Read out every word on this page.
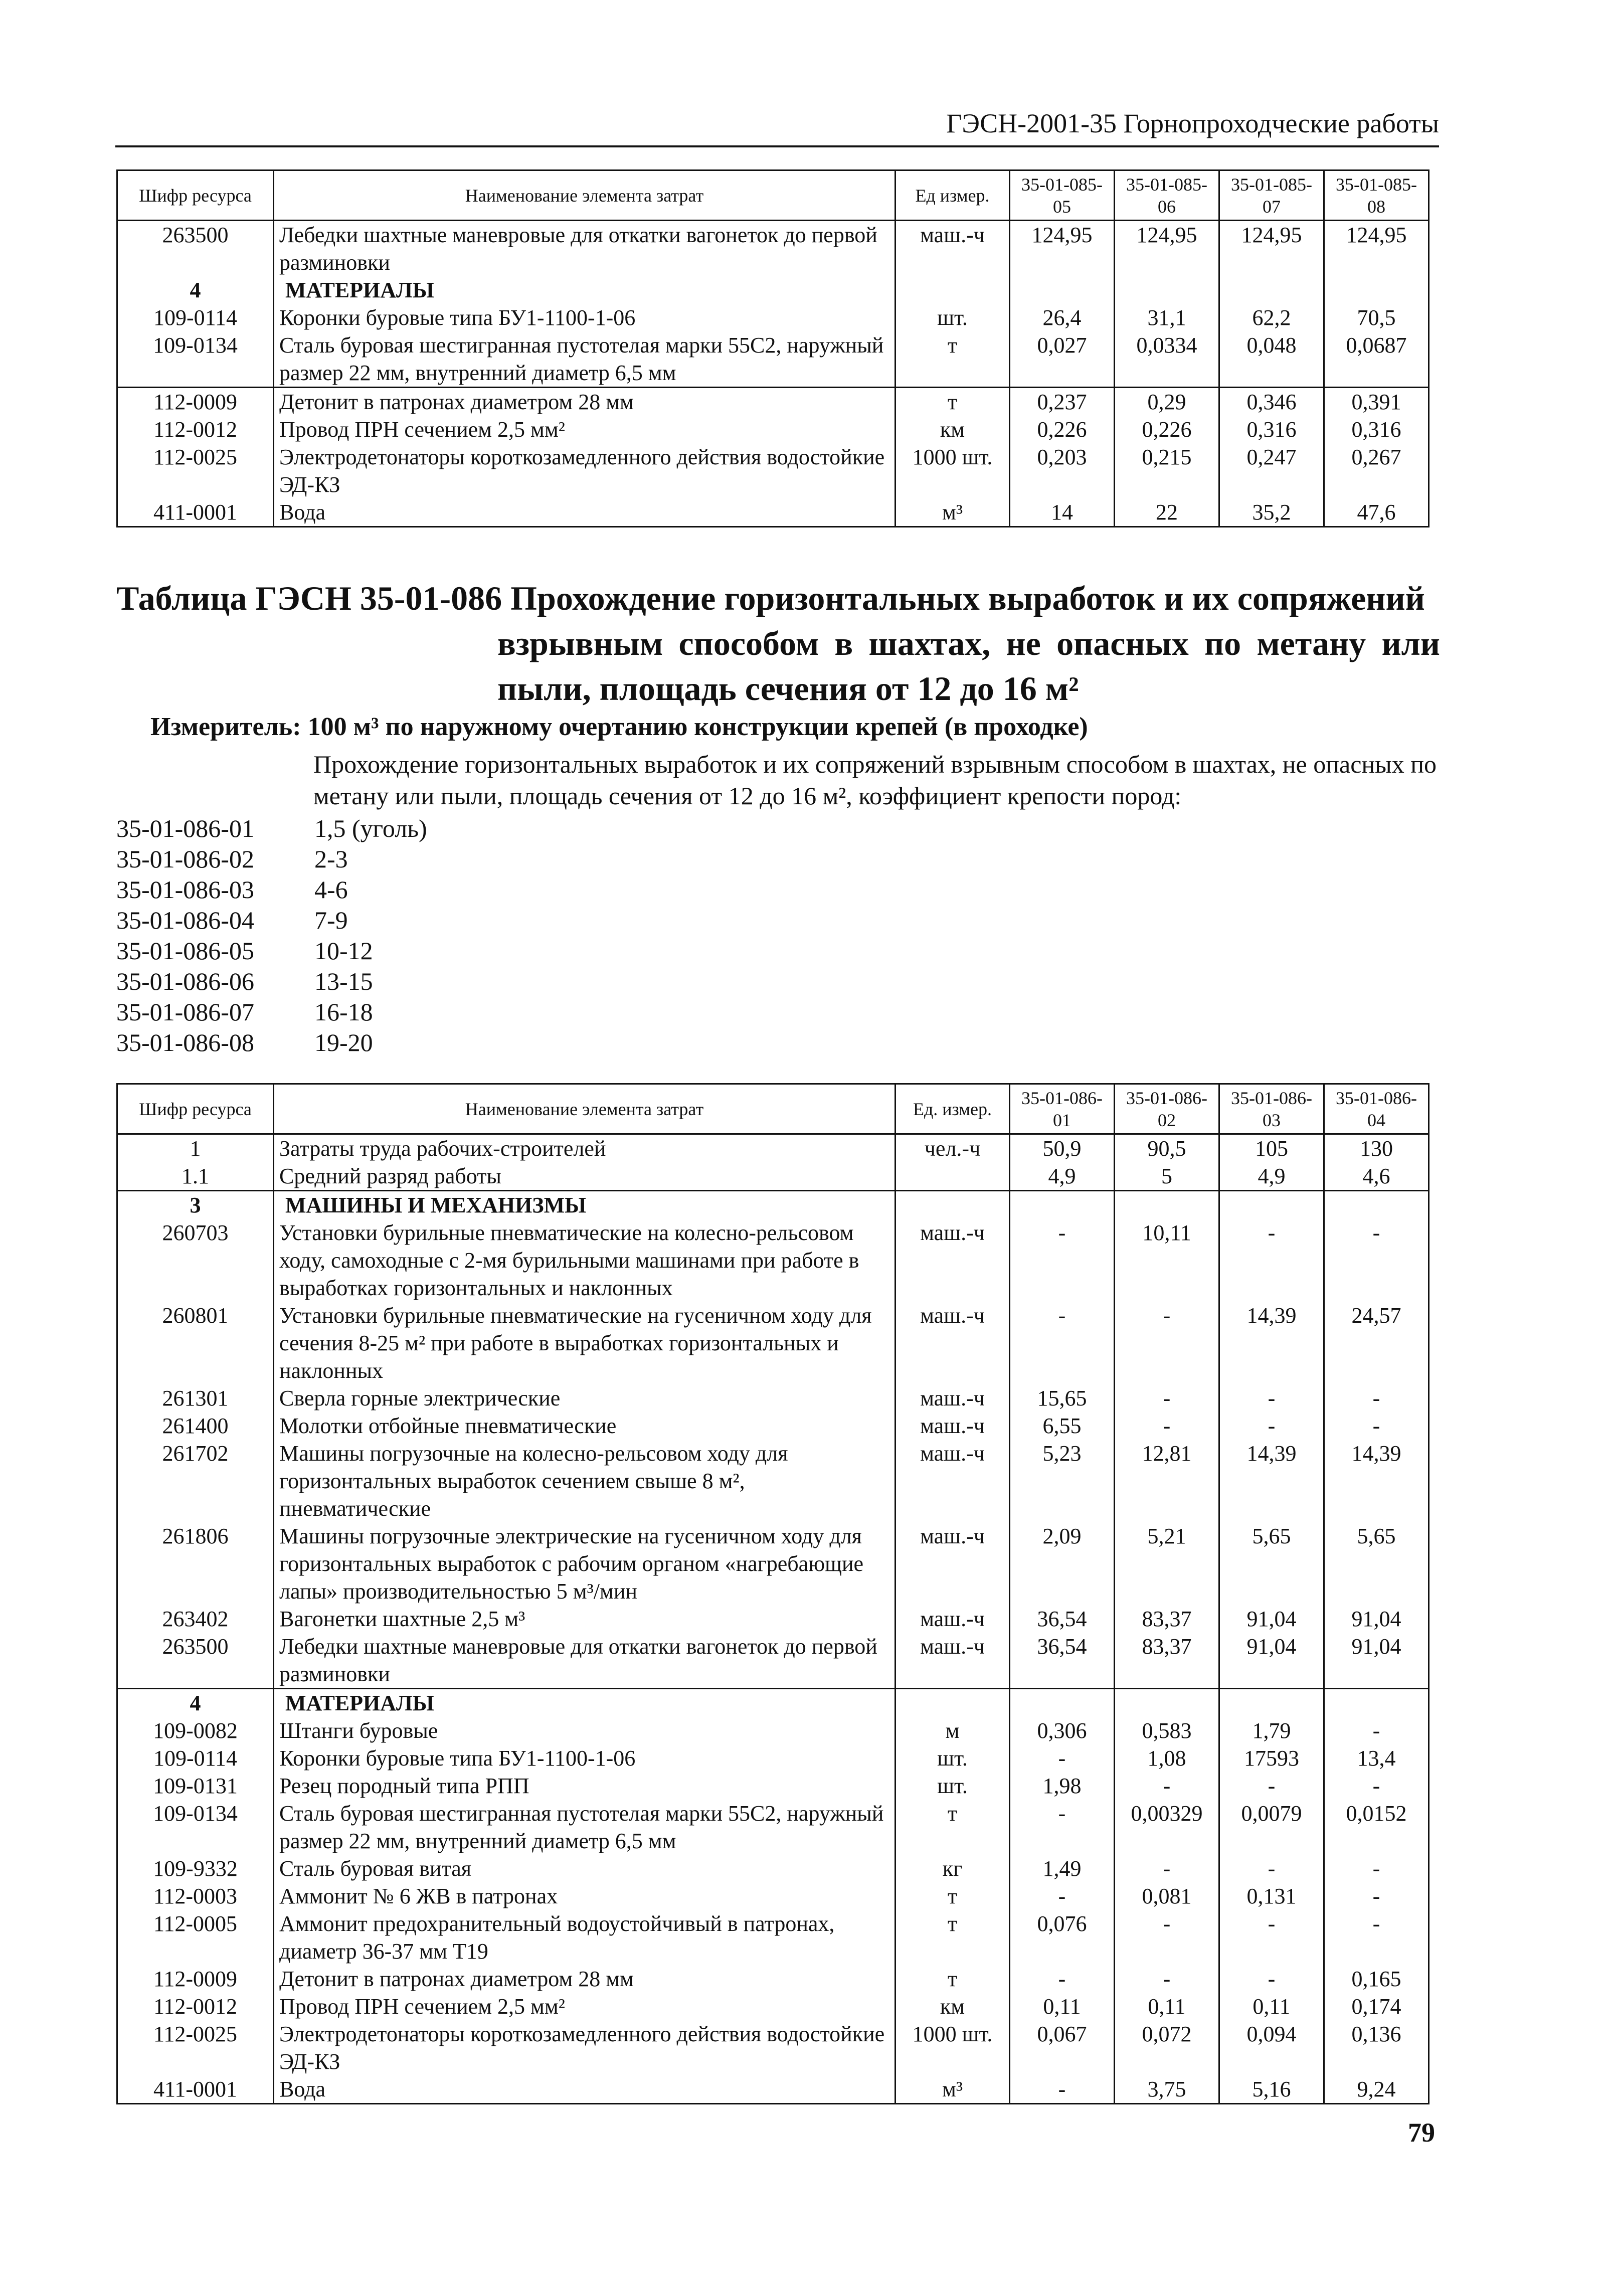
ГЭСН-2001-35 Горнопроходческие работы
Шифр ресурса	Наименование элемента затрат	Ед измер.	35-01-085-05	35-01-085-06	35-01-085-07	35-01-085-08
263500	Лебедки шахтные маневровые для откатки вагонеток до первой разминовки	маш.-ч	124,95	124,95	124,95	124,95
4	МАТЕРИАЛЫ					
109-0114	Коронки буровые типа БУ1-1100-1-06	шт.	26,4	31,1	62,2	70,5
109-0134	Сталь буровая шестигранная пустотелая марки 55С2, наружный размер 22 мм, внутренний диаметр 6,5 мм	т	0,027	0,0334	0,048	0,0687
112-0009	Детонит в патронах диаметром 28 мм	т	0,237	0,29	0,346	0,391
112-0012	Провод ПРН сечением 2,5 мм²	км	0,226	0,226	0,316	0,316
112-0025	Электродетонаторы короткозамедленного действия водостойкие ЭД-КЗ	1000 шт.	0,203	0,215	0,247	0,267
411-0001	Вода	м³	14	22	35,2	47,6
Таблица ГЭСН 35-01-086 Прохождение горизонтальных выработок и их сопряжений
взрывным способом в шахтах, не опасных по метану или пыли, площадь сечения от 12 до 16 м²
Измеритель: 100 м³ по наружному очертанию конструкции крепей (в проходке)
Прохождение горизонтальных выработок и их сопряжений взрывным способом в шахтах, не опасных по метану или пыли, площадь сечения от 12 до 16 м², коэффициент крепости пород:
35-01-086-01 1,5 (уголь)
35-01-086-02 2-3
35-01-086-03 4-6
35-01-086-04 7-9
35-01-086-05 10-12
35-01-086-06 13-15
35-01-086-07 16-18
35-01-086-08 19-20
Шифр ресурса	Наименование элемента затрат	Ед. измер.	35-01-086-01	35-01-086-02	35-01-086-03	35-01-086-04
1	Затраты труда рабочих-строителей	чел.-ч	50,9	90,5	105	130
1.1	Средний разряд работы		4,9	5	4,9	4,6
3	МАШИНЫ И МЕХАНИЗМЫ					
260703	Установки бурильные пневматические на колесно-рельсовом ходу, самоходные с 2-мя бурильными машинами при работе в выработках горизонтальных и наклонных	маш.-ч	-	10,11	-	-
260801	Установки бурильные пневматические на гусеничном ходу для сечения 8-25 м² при работе в выработках горизонтальных и наклонных	маш.-ч	-	-	14,39	24,57
261301	Сверла горные электрические	маш.-ч	15,65	-	-	-
261400	Молотки отбойные пневматические	маш.-ч	6,55	-	-	-
261702	Машины погрузочные на колесно-рельсовом ходу для горизонтальных выработок сечением свыше 8 м², пневматические	маш.-ч	5,23	12,81	14,39	14,39
261806	Машины погрузочные электрические на гусеничном ходу для горизонтальных выработок с рабочим органом «нагребающие лапы» производительностью 5 м³/мин	маш.-ч	2,09	5,21	5,65	5,65
263402	Вагонетки шахтные 2,5 м³	маш.-ч	36,54	83,37	91,04	91,04
263500	Лебедки шахтные маневровые для откатки вагонеток до первой разминовки	маш.-ч	36,54	83,37	91,04	91,04
4	МАТЕРИАЛЫ					
109-0082	Штанги буровые	м	0,306	0,583	1,79	-
109-0114	Коронки буровые типа БУ1-1100-1-06	шт.	-	1,08	17593	13,4
109-0131	Резец породный типа РПП	шт.	1,98	-	-	-
109-0134	Сталь буровая шестигранная пустотелая марки 55С2, наружный размер 22 мм, внутренний диаметр 6,5 мм	т	-	0,00329	0,0079	0,0152
109-9332	Сталь буровая витая	кг	1,49	-	-	-
112-0003	Аммонит № 6 ЖВ в патронах	т	-	0,081	0,131	-
112-0005	Аммонит предохранительный водоустойчивый в патронах, диаметр 36-37 мм Т19	т	0,076	-	-	-
112-0009	Детонит в патронах диаметром 28 мм	т	-	-	-	0,165
112-0012	Провод ПРН сечением 2,5 мм²	км	0,11	0,11	0,11	0,174
112-0025	Электродетонаторы короткозамедленного действия водостойкие ЭД-КЗ	1000 шт.	0,067	0,072	0,094	0,136
411-0001	Вода	м³	-	3,75	5,16	9,24
79
